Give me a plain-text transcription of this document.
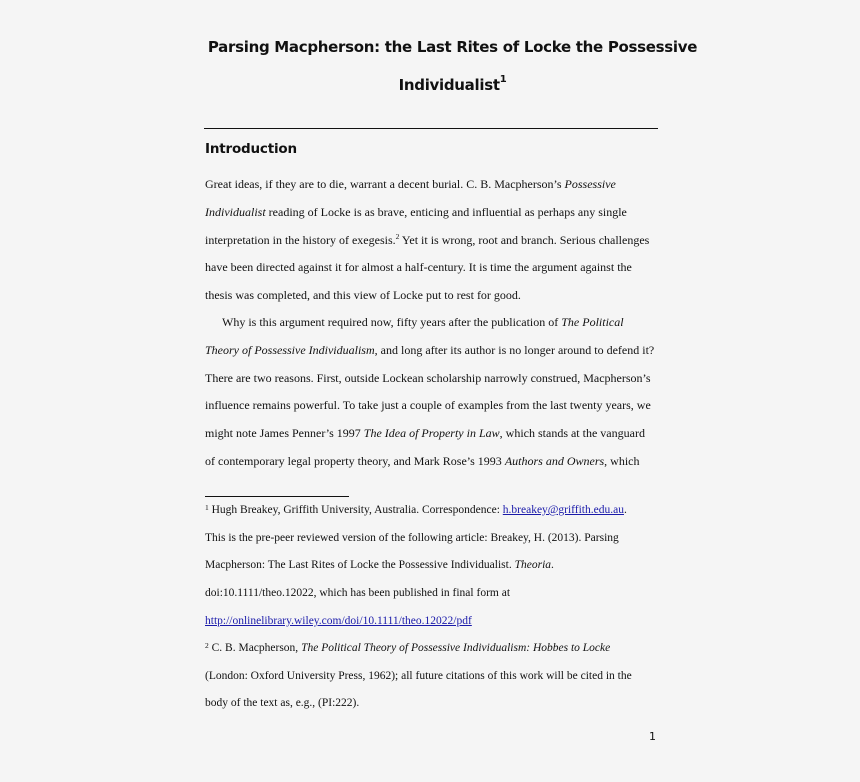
Parsing Macpherson: the Last Rites of Locke the Possessive
Individualist$^1$
Introduction
Great ideas, if they are to die, warrant a decent burial. C. B. Macpherson’s Possessive
Individualist reading of Locke is as brave, enticing and influential as perhaps any single
interpretation in the history of exegesis.$^2$ Yet it is wrong, root and branch. Serious challenges
have been directed against it for almost a half-century. It is time the argument against the
thesis was completed, and this view of Locke put to rest for good.
Why is this argument required now, fifty years after the publication of The Political
Theory of Possessive Individualism, and long after its author is no longer around to defend it?
There are two reasons. First, outside Lockean scholarship narrowly construed, Macpherson’s
influence remains powerful. To take just a couple of examples from the last twenty years, we
might note James Penner’s 1997 The Idea of Property in Law, which stands at the vanguard
of contemporary legal property theory, and Mark Rose’s 1993 Authors and Owners, which
$^1$ Hugh Breakey, Griffith University, Australia. Correspondence: h.breakey@griffith.edu.au.
This is the pre-peer reviewed version of the following article: Breakey, H. (2013). Parsing
Macpherson: The Last Rites of Locke the Possessive Individualist. Theoria.
doi:10.1111/theo.12022, which has been published in final form at
http://onlinelibrary.wiley.com/doi/10.1111/theo.12022/pdf
$^2$ C. B. Macpherson, The Political Theory of Possessive Individualism: Hobbes to Locke
(London: Oxford University Press, 1962); all future citations of this work will be cited in the
body of the text as, e.g., (PI:222).
1
